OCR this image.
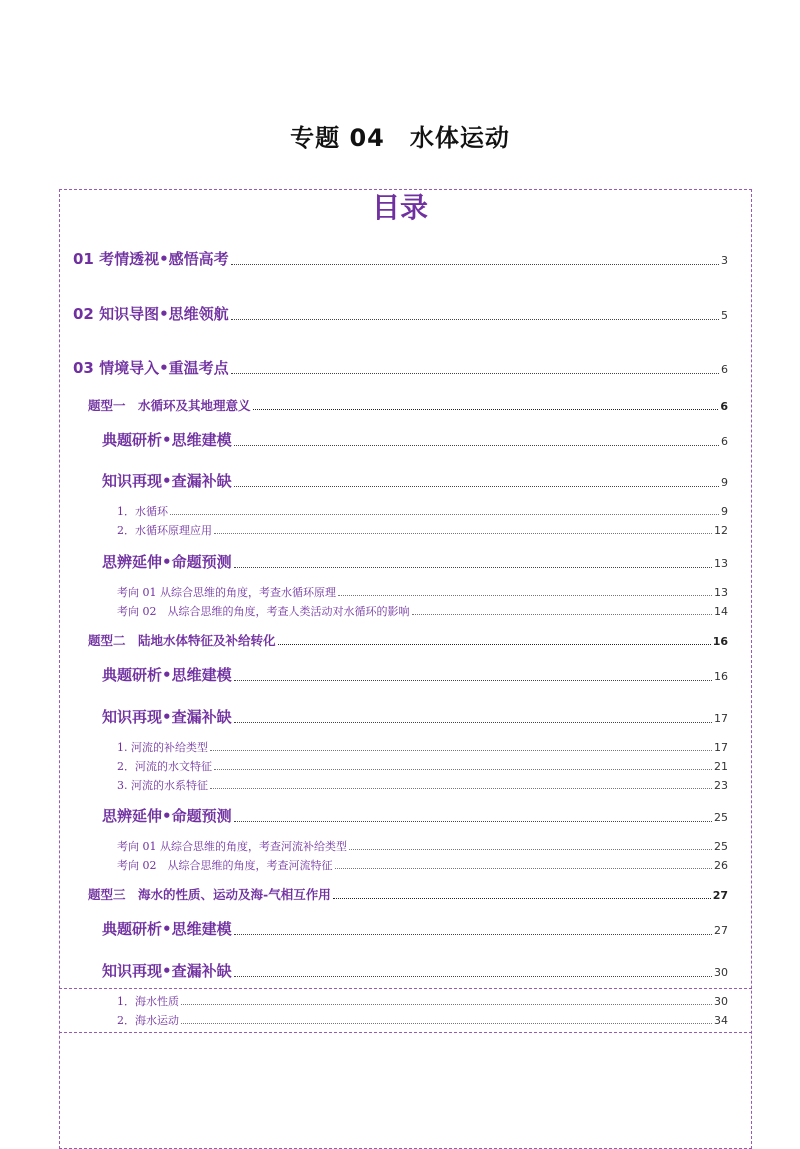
专题 04　水体运动
目录
01 考情透视•感悟高考	3
02 知识导图•思维领航	5
03 情境导入•重温考点	6
题型一　水循环及其地理意义	6
典题研析•思维建模	6
知识再现•查漏补缺	9
1．水循环	9
2．水循环原理应用	12
思辨延伸•命题预测	13
考向 01 从综合思维的角度，考查水循环原理	13
考向 02　从综合思维的角度，考查人类活动对水循环的影响	14
题型二　陆地水体特征及补给转化	16
典题研析•思维建模	16
知识再现•查漏补缺	17
1. 河流的补给类型	17
2．河流的水文特征	21
3. 河流的水系特征	23
思辨延伸•命题预测	25
考向 01 从综合思维的角度，考查河流补给类型	25
考向 02　从综合思维的角度，考查河流特征	26
题型三　海水的性质、运动及海-气相互作用	27
典题研析•思维建模	27
知识再现•查漏补缺	30
1．海水性质	30
2．海水运动	34
